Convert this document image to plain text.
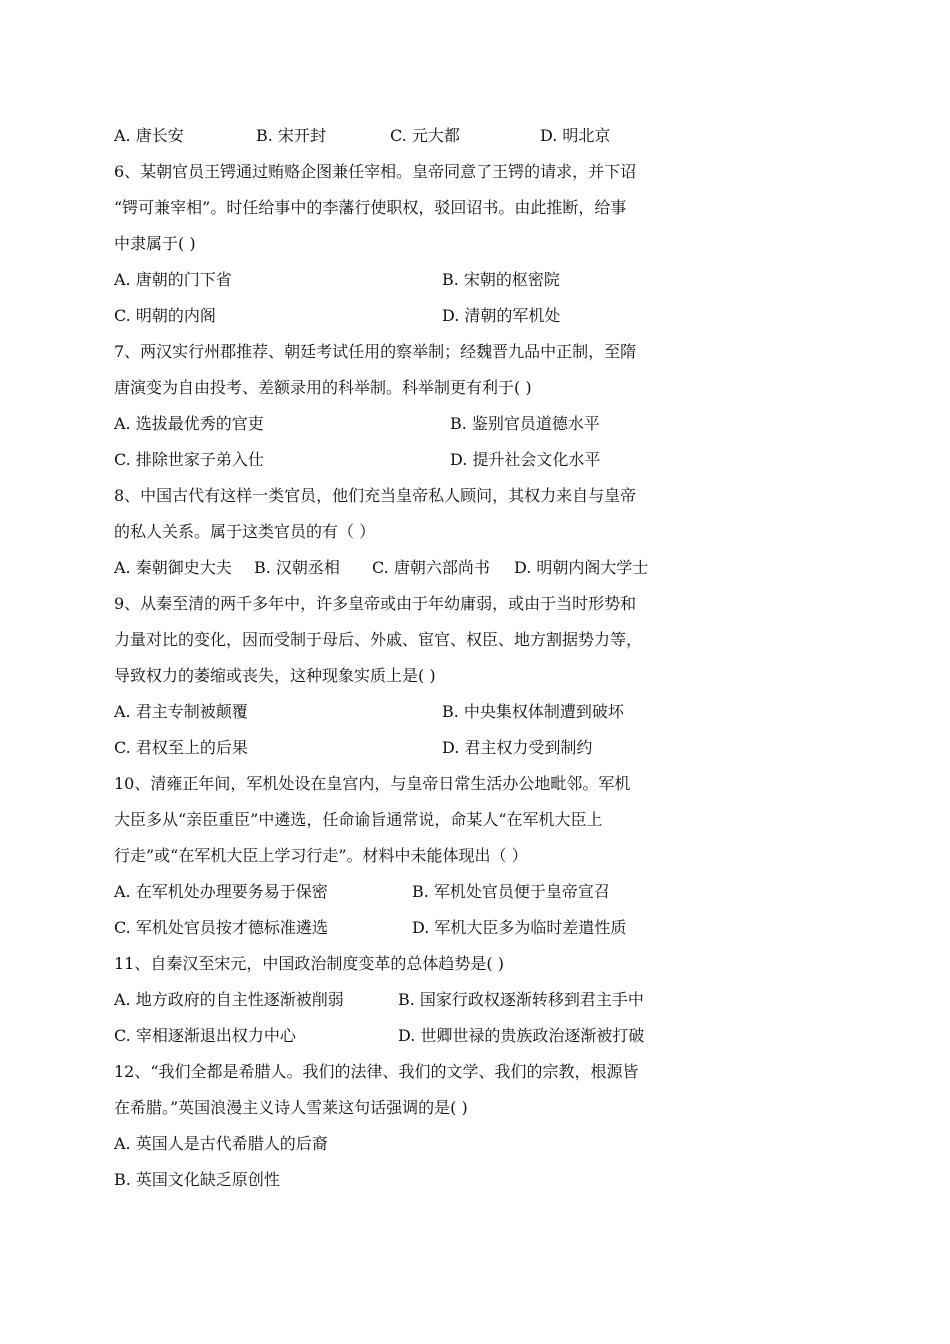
A. 唐长安	B. 宋开封	C. 元大都	D. 明北京
6、某朝官员王锷通过贿赂企图兼任宰相。皇帝同意了王锷的请求，并下诏
“锷可兼宰相”。时任给事中的李藩行使职权，驳回诏书。由此推断，给事
中隶属于( )
A. 唐朝的门下省	B. 宋朝的枢密院
C. 明朝的内阁	D. 清朝的军机处
7、两汉实行州郡推荐、朝廷考试任用的察举制；经魏晋九品中正制，至隋
唐演变为自由投考、差额录用的科举制。科举制更有利于( )
A. 选拔最优秀的官吏	B. 鉴别官员道德水平
C. 排除世家子弟入仕	D. 提升社会文化水平
8、中国古代有这样一类官员，他们充当皇帝私人顾问，其权力来自与皇帝
的私人关系。属于这类官员的有（ ）
A. 秦朝御史大夫 B. 汉朝丞相 C. 唐朝六部尚书 D. 明朝内阁大学士
9、从秦至清的两千多年中，许多皇帝或由于年幼庸弱，或由于当时形势和
力量对比的变化，因而受制于母后、外戚、宦官、权臣、地方割据势力等，
导致权力的萎缩或丧失，这种现象实质上是( )
A. 君主专制被颠覆	B. 中央集权体制遭到破坏
C. 君权至上的后果	D. 君主权力受到制约
10、清雍正年间，军机处设在皇宫内，与皇帝日常生活办公地毗邻。军机
大臣多从“亲臣重臣”中遴选，任命谕旨通常说，命某人“在军机大臣上
行走”或“在军机大臣上学习行走”。材料中未能体现出（ ）
A. 在军机处办理要务易于保密	B. 军机处官员便于皇帝宣召
C. 军机处官员按才德标准遴选	D. 军机大臣多为临时差遣性质
11、自秦汉至宋元，中国政治制度变革的总体趋势是( )
A. 地方政府的自主性逐渐被削弱	B. 国家行政权逐渐转移到君主手中
C. 宰相逐渐退出权力中心	D. 世卿世禄的贵族政治逐渐被打破
12、“我们全都是希腊人。我们的法律、我们的文学、我们的宗教，根源皆
在希腊。”英国浪漫主义诗人雪莱这句话强调的是( )
A. 英国人是古代希腊人的后裔
B. 英国文化缺乏原创性
